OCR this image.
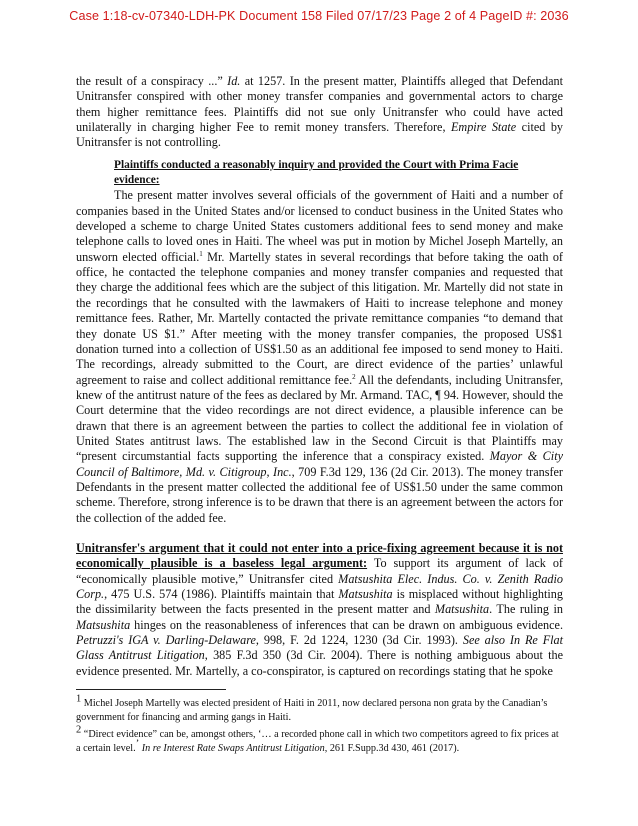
Case 1:18-cv-07340-LDH-PK Document 158 Filed 07/17/23 Page 2 of 4 PageID #: 2036

the result of a conspiracy ...” Id. at 1257. In the present matter, Plaintiffs alleged that Defendant Unitransfer conspired with other money transfer companies and governmental actors to charge them higher remittance fees. Plaintiffs did not sue only Unitransfer who could have acted unilaterally in charging higher Fee to remit money transfers. Therefore, Empire State cited by Unitransfer is not controlling.

Plaintiffs conducted a reasonably inquiry and provided the Court with Prima Facie evidence:

The present matter involves several officials of the government of Haiti and a number of companies based in the United States and/or licensed to conduct business in the United States who developed a scheme to charge United States customers additional fees to send money and make telephone calls to loved ones in Haiti. The wheel was put in motion by Michel Joseph Martelly, an unsworn elected official.$^1$ Mr. Martelly states in several recordings that before taking the oath of office, he contacted the telephone companies and money transfer companies and requested that they charge the additional fees which are the subject of this litigation. Mr. Martelly did not state in the recordings that he consulted with the lawmakers of Haiti to increase telephone and money remittance fees. Rather, Mr. Martelly contacted the private remittance companies “to demand that they donate US $1.” After meeting with the money transfer companies, the proposed US$1 donation turned into a collection of US$1.50 as an additional fee imposed to send money to Haiti. The recordings, already submitted to the Court, are direct evidence of the parties’ unlawful agreement to raise and collect additional remittance fee.$^2$ All the defendants, including Unitransfer, knew of the antitrust nature of the fees as declared by Mr. Armand. TAC, ¶ 94. However, should the Court determine that the video recordings are not direct evidence, a plausible inference can be drawn that there is an agreement between the parties to collect the additional fee in violation of United States antitrust laws. The established law in the Second Circuit is that Plaintiffs may “present circumstantial facts supporting the inference that a conspiracy existed. Mayor & City Council of Baltimore, Md. v. Citigroup, Inc., 709 F.3d 129, 136 (2d Cir. 2013). The money transfer Defendants in the present matter collected the additional fee of US$1.50 under the same common scheme. Therefore, strong inference is to be drawn that there is an agreement between the actors for the collection of the added fee.

Unitransfer's argument that it could not enter into a price-fixing agreement because it is not economically plausible is a baseless legal argument: To support its argument of lack of “economically plausible motive,” Unitransfer cited Matsushita Elec. Indus. Co. v. Zenith Radio Corp., 475 U.S. 574 (1986). Plaintiffs maintain that Matsushita is misplaced without highlighting the dissimilarity between the facts presented in the present matter and Matsushita. The ruling in Matsushita hinges on the reasonableness of inferences that can be drawn on ambiguous evidence. Petruzzi's IGA v. Darling-Delaware, 998, F. 2d 1224, 1230 (3d Cir. 1993). See also In Re Flat Glass Antitrust Litigation, 385 F.3d 350 (3d Cir. 2004). There is nothing ambiguous about the evidence presented. Mr. Martelly, a co-conspirator, is captured on recordings stating that he spoke

$^1$ Michel Joseph Martelly was elected president of Haiti in 2011, now declared persona non grata by the Canadian’s government for financing and arming gangs in Haiti.

$^2$ “Direct evidence” can be, amongst others, ‘… a recorded phone call in which two competitors agreed to fix prices at a certain level.’ In re Interest Rate Swaps Antitrust Litigation, 261 F.Supp.3d 430, 461 (2017).
